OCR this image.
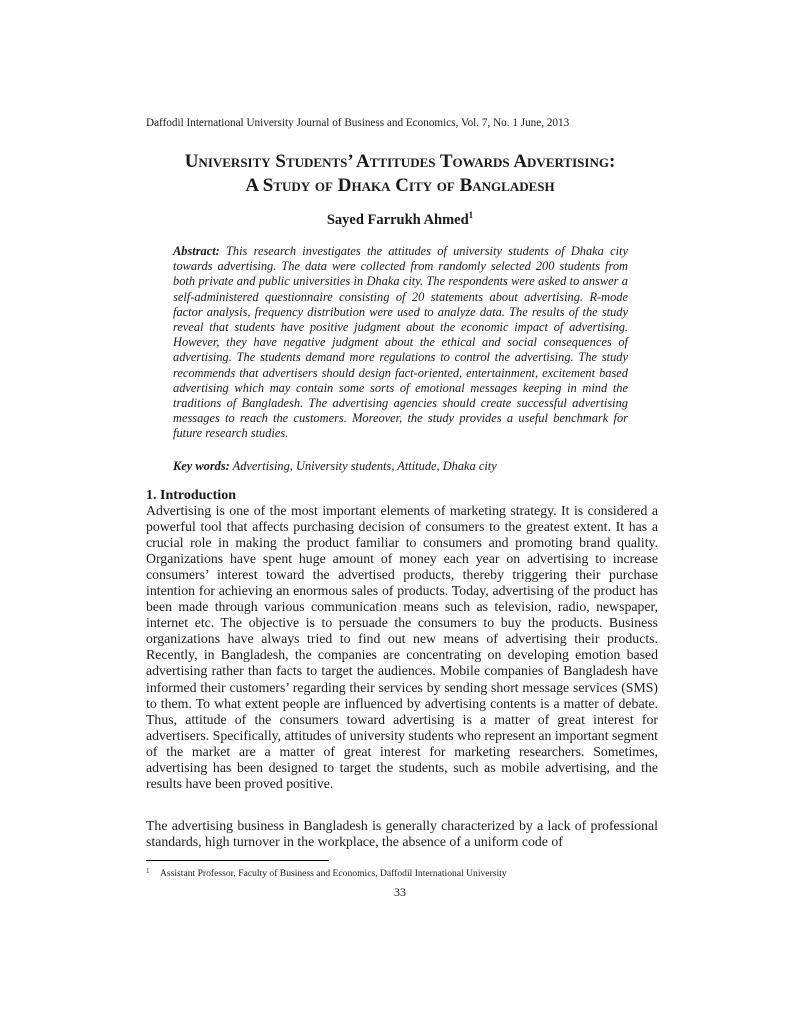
Daffodil International University Journal of Business and Economics, Vol. 7, No. 1 June, 2013
University Students’ Attitudes Towards Advertising:
A Study of Dhaka City of Bangladesh
Sayed Farrukh Ahmed$^1$
Abstract: This research investigates the attitudes of university students of Dhaka city towards advertising. The data were collected from randomly selected 200 students from both private and public universities in Dhaka city. The respondents were asked to answer a self-administered questionnaire consisting of 20 statements about advertising. R-mode factor analysis, frequency distribution were used to analyze data. The results of the study reveal that students have positive judgment about the economic impact of advertising. However, they have negative judgment about the ethical and social consequences of advertising. The students demand more regulations to control the advertising. The study recommends that advertisers should design fact-oriented, entertainment, excitement based advertising which may contain some sorts of emotional messages keeping in mind the traditions of Bangladesh. The advertising agencies should create successful advertising messages to reach the customers. Moreover, the study provides a useful benchmark for future research studies.
Key words: Advertising, University students, Attitude, Dhaka city
1. Introduction
Advertising is one of the most important elements of marketing strategy. It is considered a powerful tool that affects purchasing decision of consumers to the greatest extent. It has a crucial role in making the product familiar to consumers and promoting brand quality. Organizations have spent huge amount of money each year on advertising to increase consumers’ interest toward the advertised products, thereby triggering their purchase intention for achieving an enormous sales of products. Today, advertising of the product has been made through various communication means such as television, radio, newspaper, internet etc. The objective is to persuade the consumers to buy the products. Business organizations have always tried to find out new means of advertising their products. Recently, in Bangladesh, the companies are concentrating on developing emotion based advertising rather than facts to target the audiences. Mobile companies of Bangladesh have informed their customers’ regarding their services by sending short message services (SMS) to them. To what extent people are influenced by advertising contents is a matter of debate. Thus, attitude of the consumers toward advertising is a matter of great interest for advertisers. Specifically, attitudes of university students who represent an important segment of the market are a matter of great interest for marketing researchers. Sometimes, advertising has been designed to target the students, such as mobile advertising, and the results have been proved positive.
The advertising business in Bangladesh is generally characterized by a lack of professional standards, high turnover in the workplace, the absence of a uniform code of
1 Assistant Professor, Faculty of Business and Economics, Daffodil International University
33
